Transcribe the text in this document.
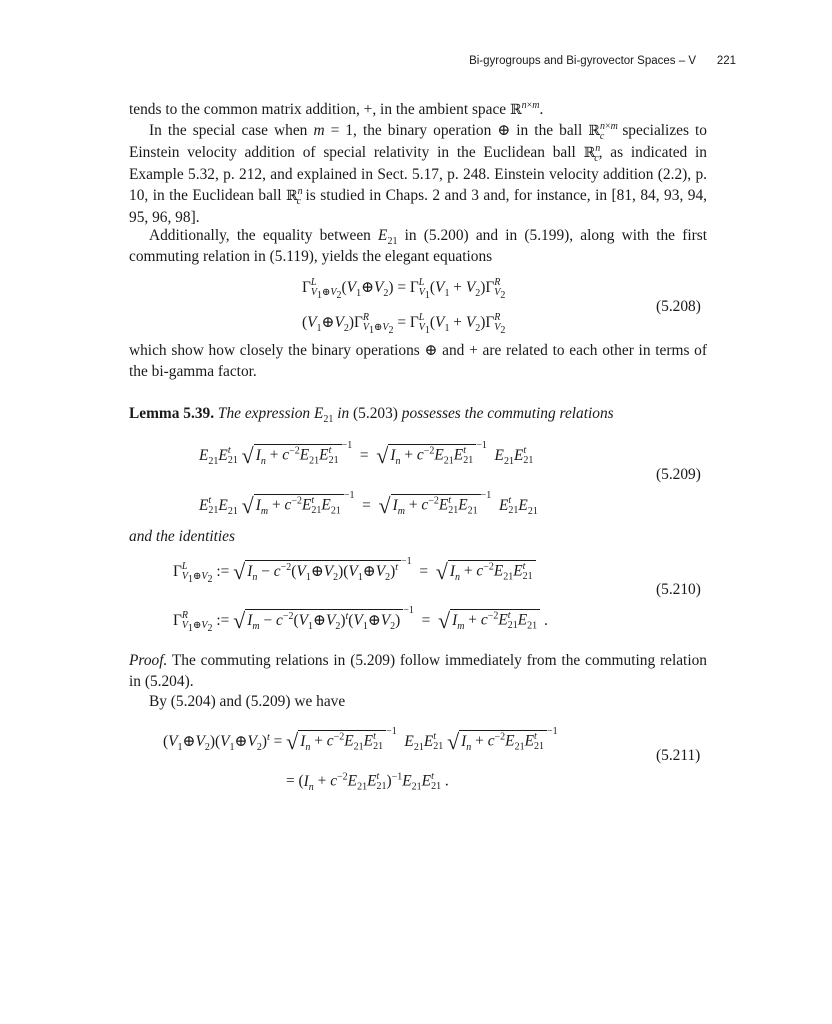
Bi-gyrogroups and Bi-gyrovector Spaces – V 221

tends to the common matrix addition, +, in the ambient space ℝ$^{n\times m}$.

In the special case when m = 1, the binary operation ⊕ in the ball ℝ$^{n\times m}_c$ specializes to Einstein velocity addition of special relativity in the Euclidean ball ℝ$^n_c$, as indicated in Example 5.32, p. 212, and explained in Sect. 5.17, p. 248. Einstein velocity addition (2.2), p. 10, in the Euclidean ball ℝ$^n_c$ is studied in Chaps. 2 and 3 and, for instance, in [81, 84, 93, 94, 95, 96, 98].

Additionally, the equality between $E_{21}$ in (5.200) and in (5.199), along with the first commuting relation in (5.119), yields the elegant equations

Γ L
$V_1\oplus V_2$ $(V_1\oplus V_2) = \Gamma$ L
$V_1$ $(V_1 + V_2)\Gamma$ R
$V_2$
$(V_1\oplus V_2)\Gamma$ R
$V_1\oplus V_2 = \Gamma$ L
$V_1$ $(V_1 + V_2)\Gamma$ R
$V_2$
(5.208)

which show how closely the binary operations ⊕ and + are related to each other in terms of the bi-gamma factor.

Lemma 5.39. The expression $E_{21}$ in (5.203) possesses the commuting relations

$E_{21}E$ t
21 √ $I_n + c^{-2}E_{21}E$ t
21
$^{-1}$  =  √ $I_n + c^{-2}E_{21}E$ t
21
$^{-1}$  $E_{21}E$ t
21
E t
21 $E_{21}$ √ $I_m + c^{-2}E$ t
21 $E_{21}^{-1}$  =  √ $I_m + c^{-2}E$ t
21 $E_{21}^{-1}$  E t
21 $E_{21}$
(5.209)

and the identities

Γ L
$V_1\oplus V_2$ := √ $I_n$ − $c^{-2}(V_1\oplus V_2)(V_1\oplus V_2)^{t-1}$  =  √ $I_n + c^{-2}E_{21}E$ t
21
Γ R
$V_1\oplus V_2$ := √ $I_m$ − $c^{-2}(V_1\oplus V_2)^t(V_1\oplus V_2)^{-1}$  =  √ $I_m + c^{-2}E$ t
21 $E_{21}$ .
(5.210)

Proof. The commuting relations in (5.209) follow immediately from the commuting relation in (5.204).

By (5.204) and (5.209) we have

$(V_1\oplus V_2)(V_1\oplus V_2)^t$ = √ $I_n + c^{-2}E_{21}E$ t
21
$^{-1}$  $E_{21}E$ t
21 √ $I_n + c^{-2}E_{21}E$ t
21
$^{-1}$
= ($I_n + c^{-2}E_{21}E$ t
21 )$^{-1}E_{21}E$ t
21 .
(5.211)
